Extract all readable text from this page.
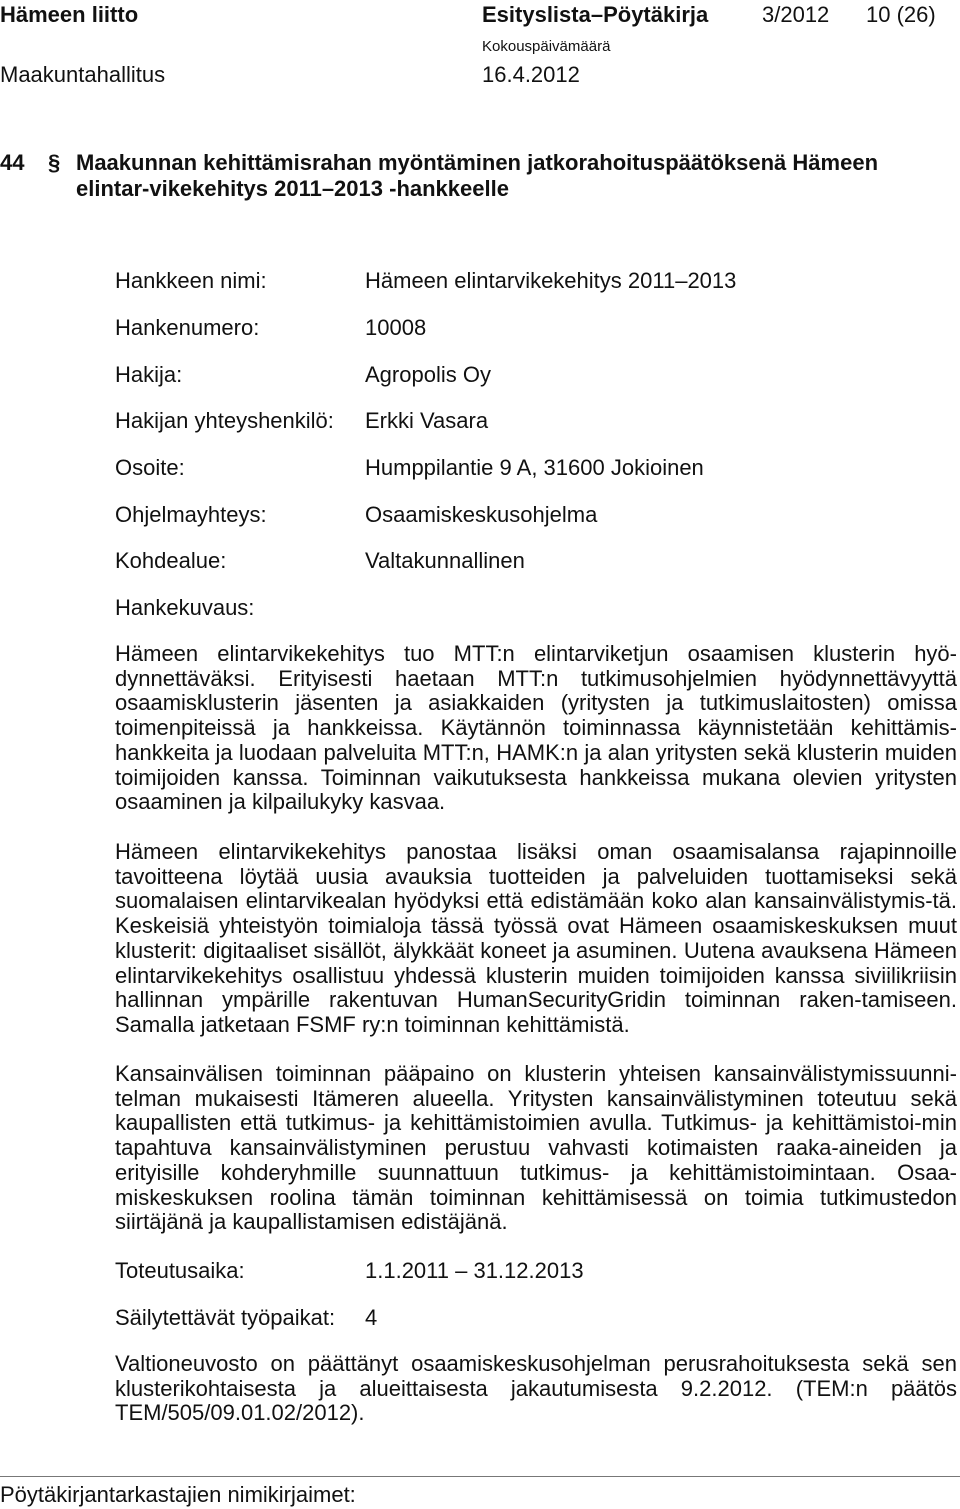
Hämeen liitto	Esityslista–Pöytäkirja 3/2012 10 (26)
Kokouspäivämäärä
Maakuntahallitus	16.4.2012
44 § Maakunnan kehittämisrahan myöntäminen jatkorahoituspäätöksenä Hämeen elintar-vikekehitys 2011–2013 -hankkeelle

Hankkeen nimi:	Hämeen elintarvikekehitys 2011–2013
Hankenumero:	10008
Hakija:	Agropolis Oy
Hakijan yhteyshenkilö: Erkki Vasara
Osoite:	Humppilantie 9 A, 31600 Jokioinen
Ohjelmayhteys:	Osaamiskeskusohjelma
Kohdealue:	Valtakunnallinen
Hankekuvaus:

Hämeen elintarvikekehitys tuo MTT:n elintarviketjun osaamisen klusterin hyö-dynnettäväksi. Erityisesti haetaan MTT:n tutkimusohjelmien hyödynnettävyyttä osaamisklusterin jäsenten ja asiakkaiden (yritysten ja tutkimuslaitosten) omissa toimenpiteissä ja hankkeissa. Käytännön toiminnassa käynnistetään kehittämis-hankkeita ja luodaan palveluita MTT:n, HAMK:n ja alan yritysten sekä klusterin muiden toimijoiden kanssa. Toiminnan vaikutuksesta hankkeissa mukana olevien yritysten osaaminen ja kilpailukyky kasvaa.

Hämeen elintarvikekehitys panostaa lisäksi oman osaamisalansa rajapinnoille tavoitteena löytää uusia avauksia tuotteiden ja palveluiden tuottamiseksi sekä suomalaisen elintarvikealan hyödyksi että edistämään koko alan kansainvälistymis-tä. Keskeisiä yhteistyön toimialoja tässä työssä ovat Hämeen osaamiskeskuksen muut klusterit: digitaaliset sisällöt, älykkäät koneet ja asuminen. Uutena avauksena Hämeen elintarvikekehitys osallistuu yhdessä klusterin muiden toimijoiden kanssa siviilikriisin hallinnan ympärille rakentuvan HumanSecurityGridin toiminnan raken-tamiseen. Samalla jatketaan FSMF ry:n toiminnan kehittämistä.

Kansainvälisen toiminnan pääpaino on klusterin yhteisen kansainvälistymissuunni-telman mukaisesti Itämeren alueella. Yritysten kansainvälistyminen toteutuu sekä kaupallisten että tutkimus- ja kehittämistoimien avulla. Tutkimus- ja kehittämistoi-min tapahtuva kansainvälistyminen perustuu vahvasti kotimaisten raaka-aineiden ja erityisille kohderyhmille suunnattuun tutkimus- ja kehittämistoimintaan. Osaa-miskeskuksen roolina tämän toiminnan kehittämisessä on toimia tutkimustedon siirtäjänä ja kaupallistamisen edistäjänä.

Toteutusaika:	1.1.2011 – 31.12.2013
Säilytettävät työpaikat: 4

Valtioneuvosto on päättänyt osaamiskeskusohjelman perusrahoituksesta sekä sen klusterikohtaisesta ja alueittaisesta jakautumisesta 9.2.2012. (TEM:n päätös TEM/505/09.01.02/2012).

Pöytäkirjantarkastajien nimikirjaimet:
